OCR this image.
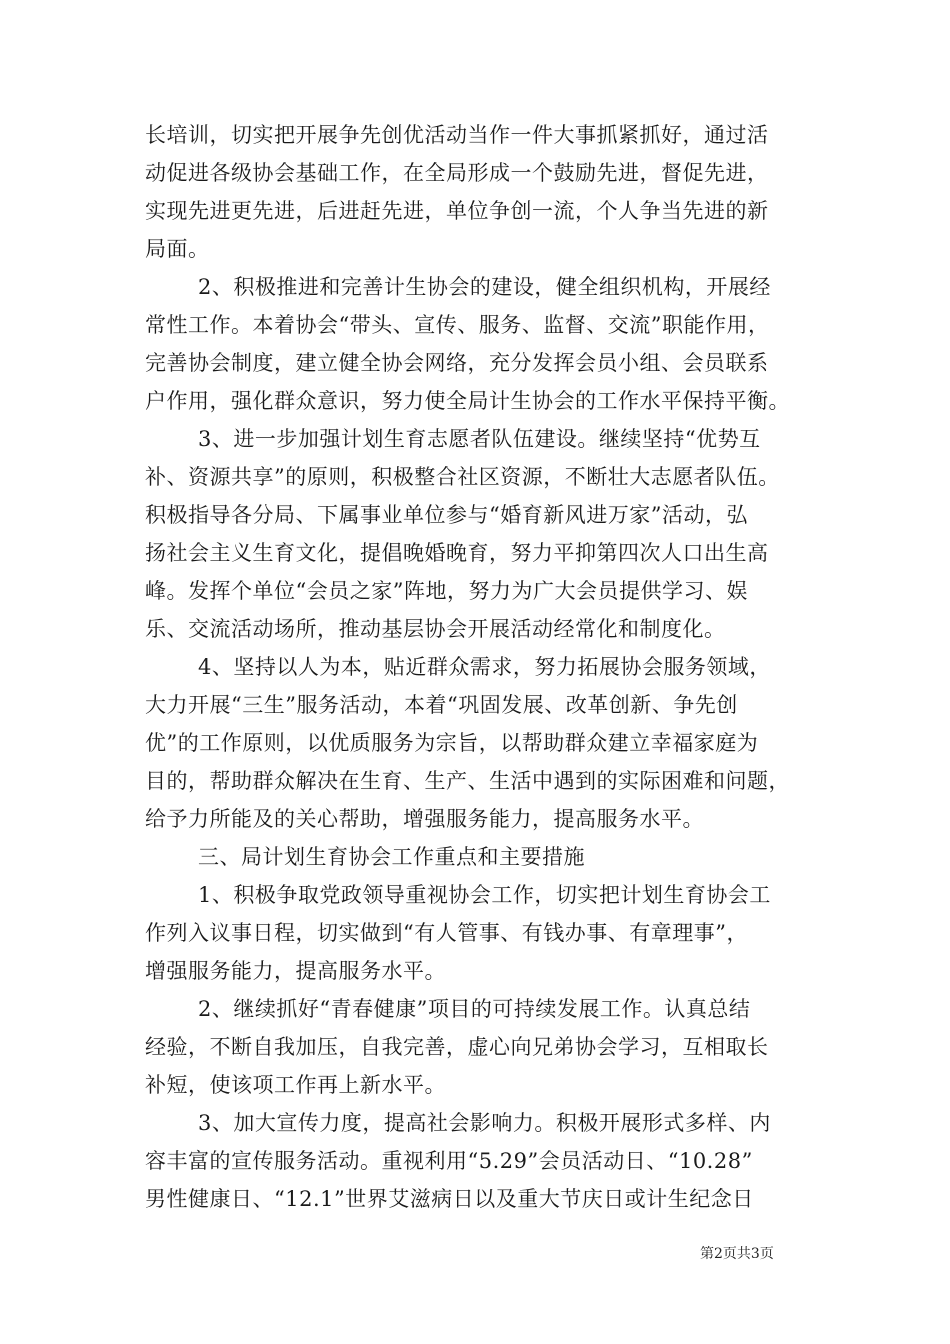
长培训，切实把开展争先创优活动当作一件大事抓紧抓好，通过活
动促进各级协会基础工作，在全局形成一个鼓励先进，督促先进，
实现先进更先进，后进赶先进，单位争创一流，个人争当先进的新
局面。
2、积极推进和完善计生协会的建设，健全组织机构，开展经
常性工作。本着协会“带头、宣传、服务、监督、交流”职能作用，
完善协会制度，建立健全协会网络，充分发挥会员小组、会员联系
户作用，强化群众意识，努力使全局计生协会的工作水平保持平衡。
3、进一步加强计划生育志愿者队伍建设。继续坚持“优势互
补、资源共享”的原则，积极整合社区资源，不断壮大志愿者队伍。
积极指导各分局、下属事业单位参与“婚育新风进万家”活动，弘
扬社会主义生育文化，提倡晚婚晚育，努力平抑第四次人口出生高
峰。发挥个单位“会员之家”阵地，努力为广大会员提供学习、娱
乐、交流活动场所，推动基层协会开展活动经常化和制度化。
4、坚持以人为本，贴近群众需求，努力拓展协会服务领域，
大力开展“三生”服务活动，本着“巩固发展、改革创新、争先创
优”的工作原则，以优质服务为宗旨，以帮助群众建立幸福家庭为
目的，帮助群众解决在生育、生产、生活中遇到的实际困难和问题，
给予力所能及的关心帮助，增强服务能力，提高服务水平。
三、局计划生育协会工作重点和主要措施
1、积极争取党政领导重视协会工作，切实把计划生育协会工
作列入议事日程，切实做到“有人管事、有钱办事、有章理事”，
增强服务能力，提高服务水平。
2、继续抓好“青春健康”项目的可持续发展工作。认真总结
经验，不断自我加压，自我完善，虚心向兄弟协会学习，互相取长
补短，使该项工作再上新水平。
3、加大宣传力度，提高社会影响力。积极开展形式多样、内
容丰富的宣传服务活动。重视利用“5.29”会员活动日、“10.28”
男性健康日、“12.1”世界艾滋病日以及重大节庆日或计生纪念日
第2页共3页
